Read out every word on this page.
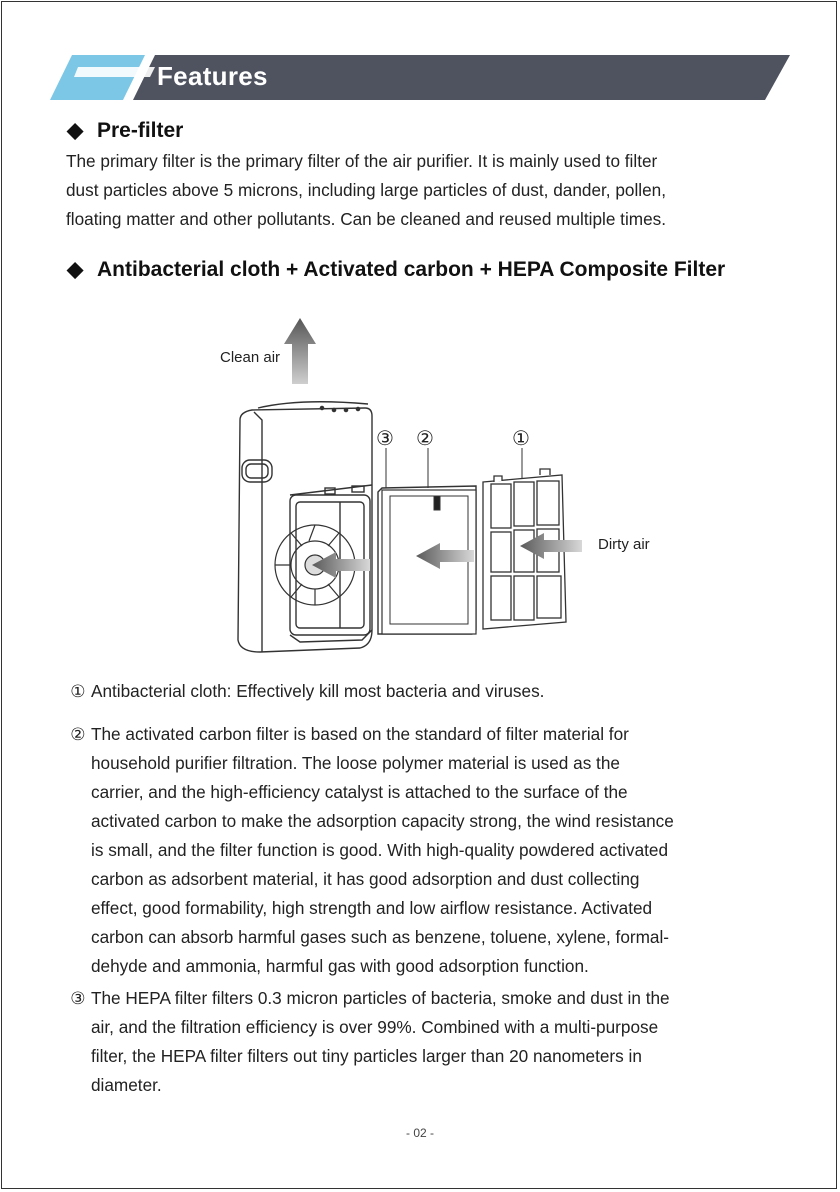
Features
◆ Pre-filter
The primary filter is the primary filter of the air purifier. It is mainly used to filter
dust particles above 5 microns, including large particles of dust, dander, pollen,
floating matter and other pollutants. Can be cleaned and reused multiple times.
◆ Antibacterial cloth + Activated carbon + HEPA Composite Filter
Clean air
Dirty air
③ ②	①
① Antibacterial cloth: Effectively kill most bacteria and viruses.
② The activated carbon filter is based on the standard of filter material for
household purifier filtration. The loose polymer material is used as the
carrier, and the high-efficiency catalyst is attached to the surface of the
activated carbon to make the adsorption capacity strong, the wind resistance
is small, and the filter function is good. With high-quality powdered activated
carbon as adsorbent material, it has good adsorption and dust collecting
effect, good formability, high strength and low airflow resistance. Activated
carbon can absorb harmful gases such as benzene, toluene, xylene, formal-
dehyde and ammonia, harmful gas with good adsorption function.
③ The HEPA filter filters 0.3 micron particles of bacteria, smoke and dust in the
air, and the filtration efficiency is over 99%. Combined with a multi-purpose
filter, the HEPA filter filters out tiny particles larger than 20 nanometers in
diameter.
- 02 -
